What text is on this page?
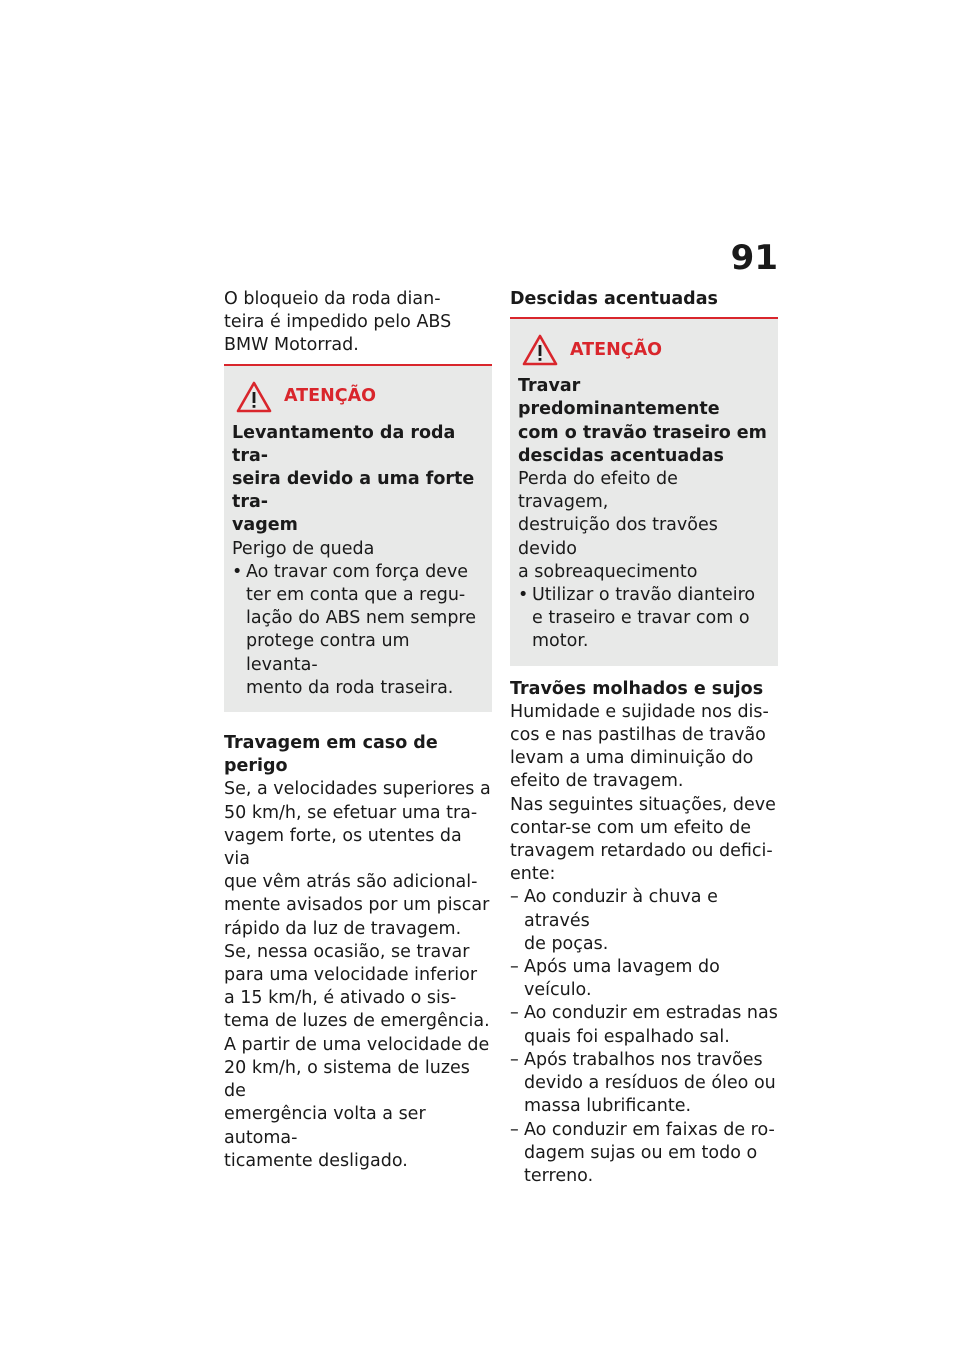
91

O bloqueio da roda dian-

teira é impedido pelo ABS

BMW Motorrad.

ATENÇÃO

Levantamento da roda tra-

seira devido a uma forte tra-

vagem

Perigo de queda

• Ao travar com força deve
ter em conta que a regu-
lação do ABS nem sempre
protege contra um levanta-
mento da roda traseira.

Travagem em caso de perigo

Se, a velocidades superiores a

50 km/h, se efetuar uma tra-

vagem forte, os utentes da via

que vêm atrás são adicional-

mente avisados por um piscar

rápido da luz de travagem.

Se, nessa ocasião, se travar

para uma velocidade inferior

a 15 km/h, é ativado o sis-

tema de luzes de emergência.

A partir de uma velocidade de

20 km/h, o sistema de luzes de

emergência volta a ser automa-

ticamente desligado.

Descidas acentuadas

ATENÇÃO

Travar predominantemente

com o travão traseiro em

descidas acentuadas

Perda do efeito de travagem,

destruição dos travões devido

a sobreaquecimento

• Utilizar o travão dianteiro
e traseiro e travar com o
motor.

Travões molhados e sujos

Humidade e sujidade nos dis-

cos e nas pastilhas de travão

levam a uma diminuição do

efeito de travagem.

Nas seguintes situações, deve

contar-se com um efeito de

travagem retardado ou defici-

ente:

– Ao conduzir à chuva e através
de poças.
– Após uma lavagem do veículo.
– Ao conduzir em estradas nas
quais foi espalhado sal.
– Após trabalhos nos travões
devido a resíduos de óleo ou
massa lubrificante.
– Ao conduzir em faixas de ro-
dagem sujas ou em todo o
terreno.
